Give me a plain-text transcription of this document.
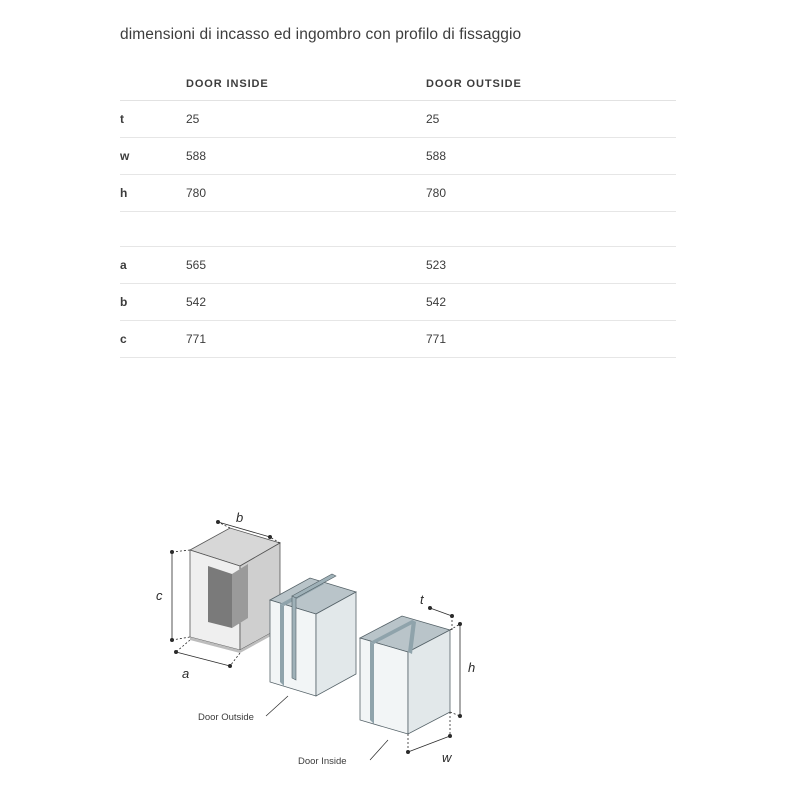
dimensioni di incasso ed ingombro con profilo di fissaggio
	DOOR INSIDE	DOOR OUTSIDE
t	25	25
w	588	588
h	780	780

a	565	523
b	542	542
c	771	771
c
b
a
Door Outside
Door Inside
t
h
w
